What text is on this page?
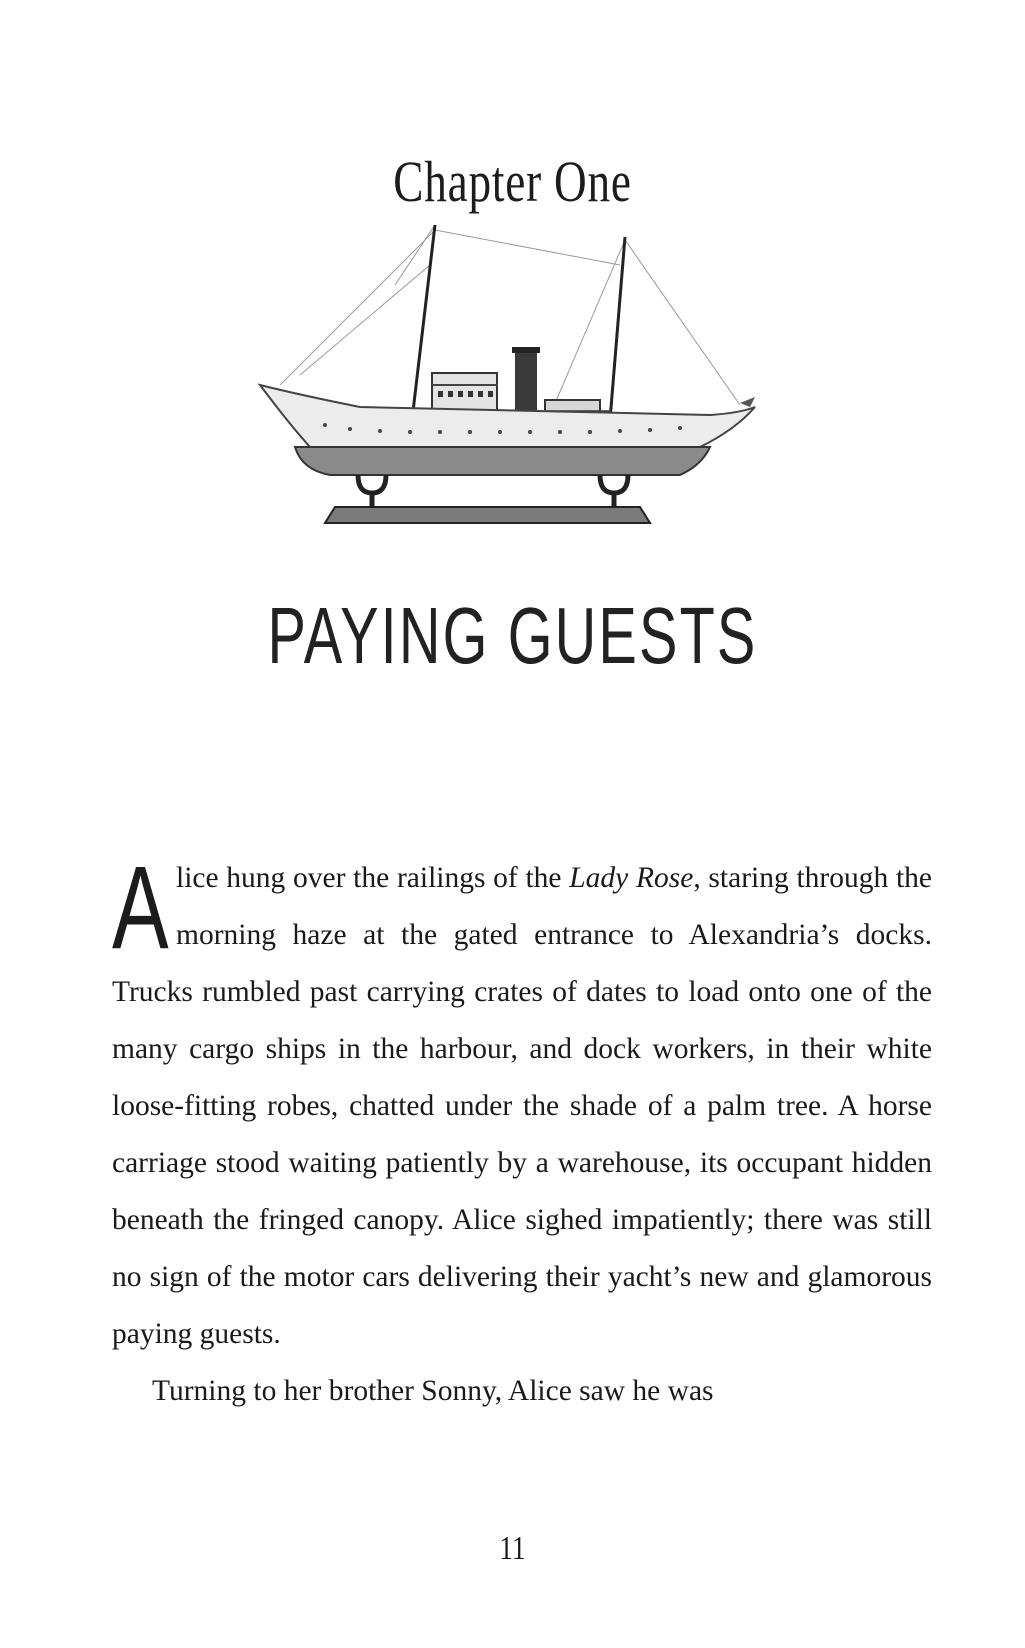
Chapter One
PAYING GUESTS

Alice hung over the railings of the Lady Rose, staring through the morning haze at the gated entrance to Alexandria’s docks. Trucks rumbled past carrying crates of dates to load onto one of the many cargo ships in the harbour, and dock workers, in their white loose-fitting robes, chatted under the shade of a palm tree. A horse carriage stood waiting patiently by a warehouse, its occupant hidden beneath the fringed canopy. Alice sighed impatiently; there was still no sign of the motor cars delivering their yacht’s new and glamorous paying guests.

Turning to her brother Sonny, Alice saw he was

11
